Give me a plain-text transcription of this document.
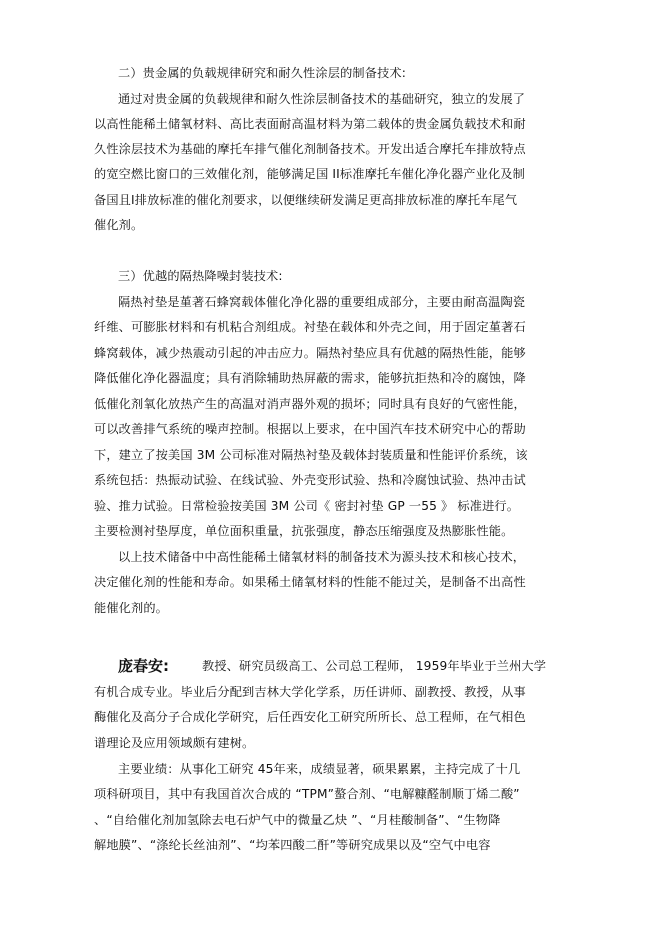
二）贵金属的负载规律研究和耐久性涂层的制备技术:
通过对贵金属的负载规律和耐久性涂层制备技术的基础研究，独立的发展了
以高性能稀土储氧材料、高比表面耐高温材料为第二载体的贵金属负载技术和耐
久性涂层技术为基础的摩托车排气催化剂制备技术。开发出适合摩托车排放特点
的宽空燃比窗口的三效催化剂，能够满足国 II标准摩托车催化净化器产业化及制
备国且Ⅰ排放标准的催化剂要求，以便继续研发满足更高排放标准的摩托车尾气
催化剂。
三）优越的隔热降噪封装技术:
隔热衬垫是堇著石蜂窝载体催化净化器的重要组成部分，主要由耐高温陶瓷
纤维、可膨胀材料和有机粘合剂组成。衬垫在载体和外壳之间，用于固定堇著石
蜂窝载体，减少热震动引起的冲击应力。隔热衬垫应具有优越的隔热性能，能够
降低催化净化器温度；具有消除辅助热屏蔽的需求，能够抗拒热和冷的腐蚀，降
低催化剂氧化放热产生的高温对消声器外观的损坏；同时具有良好的气密性能，
可以改善排气系统的噪声控制。根据以上要求，在中国汽车技术研究中心的帮助
下，建立了按美国 3M 公司标准对隔热衬垫及载体封装质量和性能评价系统，该
系统包括：热振动试验、在线试验、外壳变形试验、热和冷腐蚀试验、热冲击试
验、推力试验。日常检验按美国 3M 公司《 密封衬垫 GP 一55 》 标准进行。
主要检测衬垫厚度，单位面积重量，抗张强度，静态压缩强度及热膨胀性能。
以上技术储备中中高性能稀土储氧材料的制备技术为源头技术和核心技术，
决定催化剂的性能和寿命。如果稀土储氧材料的性能不能过关，是制备不出高性
能催化剂的。
庞春安:	教授、研究员级高工、公司总工程师， 1959年毕业于兰州大学
有机合成专业。毕业后分配到吉林大学化学系，历任讲师、副教授、教授，从事
酶催化及高分子合成化学研究，后任西安化工研究所所长、总工程师，在气相色
谱理论及应用领域颇有建树。
主要业绩：从事化工研究 45年来，成绩显著，硕果累累，主持完成了十几
项科研项目，其中有我国首次合成的 “TPM”螯合剂、“电解糠醛制顺丁烯二酸”
、“自给催化剂加氢除去电石炉气中的微量乙炔 ”、“月桂酸制备”、“生物降
解地膜”、“涤纶长丝油剂”、“均苯四酸二酐”等研究成果以及“空气中电容
